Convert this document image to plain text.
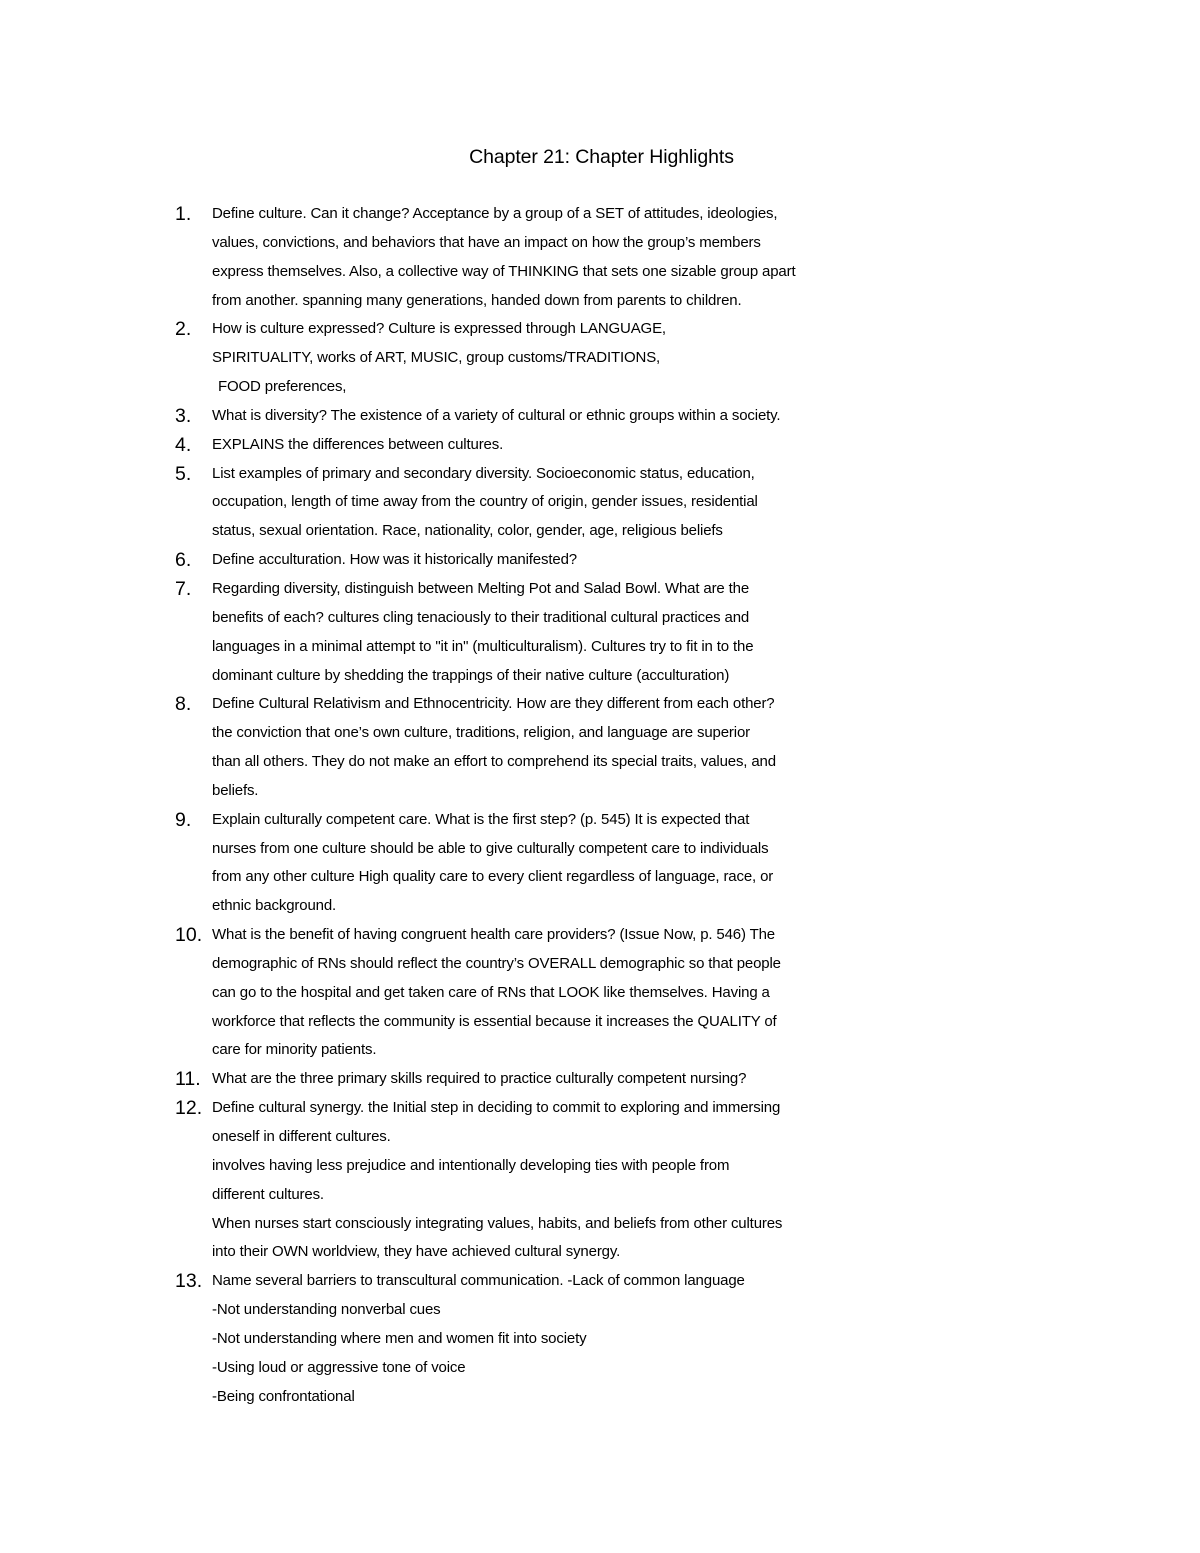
Chapter 21: Chapter Highlights
1.	Define culture. Can it change? Acceptance by a group of a SET of attitudes, ideologies,
values, convictions, and behaviors that have an impact on how the group’s members
express themselves. Also, a collective way of THINKING that sets one sizable group apart
from another. spanning many generations, handed down from parents to children.
2.	How is culture expressed? Culture is expressed through LANGUAGE,
SPIRITUALITY, works of ART, MUSIC, group customs/TRADITIONS,
FOOD preferences,
3.	What is diversity? The existence of a variety of cultural or ethnic groups within a society.
4.	EXPLAINS the differences between cultures.
5.	List examples of primary and secondary diversity. Socioeconomic status, education,
occupation, length of time away from the country of origin, gender issues, residential
status, sexual orientation. Race, nationality, color, gender, age, religious beliefs
6.	Define acculturation. How was it historically manifested?
7.	Regarding diversity, distinguish between Melting Pot and Salad Bowl. What are the
benefits of each? cultures cling tenaciously to their traditional cultural practices and
languages in a minimal attempt to "it in" (multiculturalism). Cultures try to fit in to the
dominant culture by shedding the trappings of their native culture (acculturation)
8.	Define Cultural Relativism and Ethnocentricity. How are they different from each other?
the conviction that one’s own culture, traditions, religion, and language are superior
than all others. They do not make an effort to comprehend its special traits, values, and
beliefs.
9.	Explain culturally competent care. What is the first step? (p. 545) It is expected that
nurses from one culture should be able to give culturally competent care to individuals
from any other culture High quality care to every client regardless of language, race, or
ethnic background.
10. What is the benefit of having congruent health care providers? (Issue Now, p. 546) The
demographic of RNs should reflect the country’s OVERALL demographic so that people
can go to the hospital and get taken care of RNs that LOOK like themselves. Having a
workforce that reflects the community is essential because it increases the QUALITY of
care for minority patients.
11. What are the three primary skills required to practice culturally competent nursing?
12. Define cultural synergy. the Initial step in deciding to commit to exploring and immersing
oneself in different cultures.
involves having less prejudice and intentionally developing ties with people from
different cultures.
When nurses start consciously integrating values, habits, and beliefs from other cultures
into their OWN worldview, they have achieved cultural synergy.
13. Name several barriers to transcultural communication. -Lack of common language
-Not understanding nonverbal cues
-Not understanding where men and women fit into society
-Using loud or aggressive tone of voice
-Being confrontational
